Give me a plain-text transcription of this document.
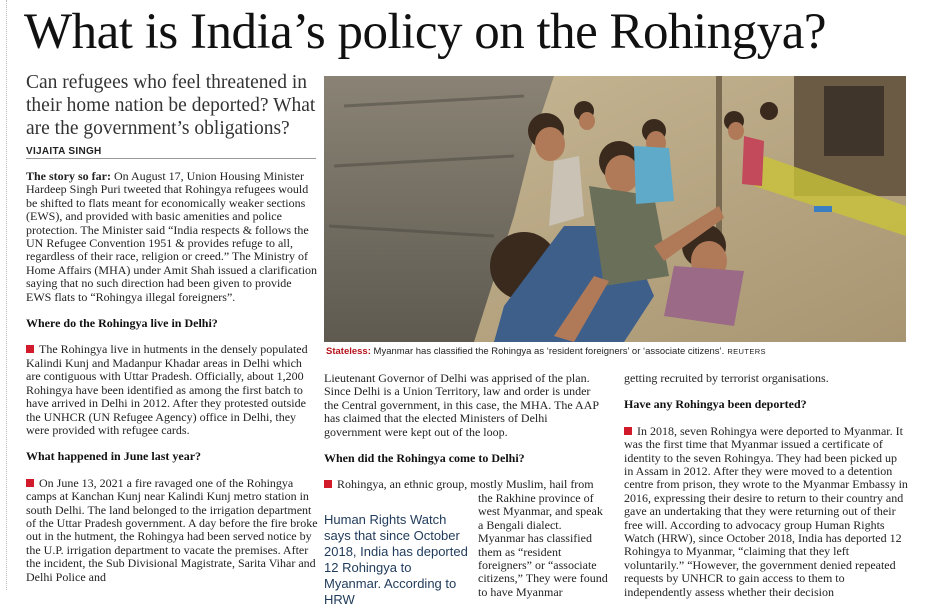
What is India’s policy on the Rohingya?

Can refugees who feel threatened in their home nation be deported? What are the government’s obligations?

VIJAITA SINGH

The story so far: On August 17, Union Housing Minister Hardeep Singh Puri tweeted that Rohingya refugees would be shifted to flats meant for economically weaker sections (EWS), and provided with basic amenities and police protection. The Minister said “India respects & follows the UN Refugee Convention 1951 & provides refuge to all, regardless of their race, religion or creed.” The Ministry of Home Affairs (MHA) under Amit Shah issued a clarification saying that no such direction had been given to provide EWS flats to “Rohingya illegal foreigners”.

Where do the Rohingya live in Delhi?

The Rohingya live in hutments in the densely populated Kalindi Kunj and Madanpur Khadar areas in Delhi which are contiguous with Uttar Pradesh. Officially, about 1,200 Rohingya have been identified as among the first batch to have arrived in Delhi in 2012. After they protested outside the UNHCR (UN Refugee Agency) office in Delhi, they were provided with refugee cards.

What happened in June last year?

On June 13, 2021 a fire ravaged one of the Rohingya camps at Kanchan Kunj near Kalindi Kunj metro station in south Delhi. The land belonged to the irrigation department of the Uttar Pradesh government. A day before the fire broke out in the hutment, the Rohingya had been served notice by the U.P. irrigation department to vacate the premises. After the incident, the Sub Divisional Magistrate, Sarita Vihar and Delhi Police and

Stateless: Myanmar has classified the Rohingya as ‘resident foreigners’ or ‘associate citizens’. REUTERS

Lieutenant Governor of Delhi was apprised of the plan. Since Delhi is a Union Territory, law and order is under the Central government, in this case, the MHA. The AAP has claimed that the elected Ministers of Delhi government were kept out of the loop.

When did the Rohingya come to Delhi?

Rohingya, an ethnic group, mostly Muslim, hail from

the Rakhine province of west Myanmar, and speak a Bengali dialect. Myanmar has classified them as “resident foreigners” or “associate citizens,” They were found to have Myanmar

Human Rights Watch says that since October 2018, India has deported 12 Rohingya to Myanmar. According to HRW

getting recruited by terrorist organisations.

Have any Rohingya been deported?

In 2018, seven Rohingya were deported to Myanmar. It was the first time that Myanmar issued a certificate of identity to the seven Rohingya. They had been picked up in Assam in 2012. After they were moved to a detention centre from prison, they wrote to the Myanmar Embassy in 2016, expressing their desire to return to their country and gave an undertaking that they were returning out of their free will. According to advocacy group Human Rights Watch (HRW), since October 2018, India has deported 12 Rohingya to Myanmar, “claiming that they left voluntarily.” “However, the government denied repeated requests by UNHCR to gain access to them to independently assess whether their decision
